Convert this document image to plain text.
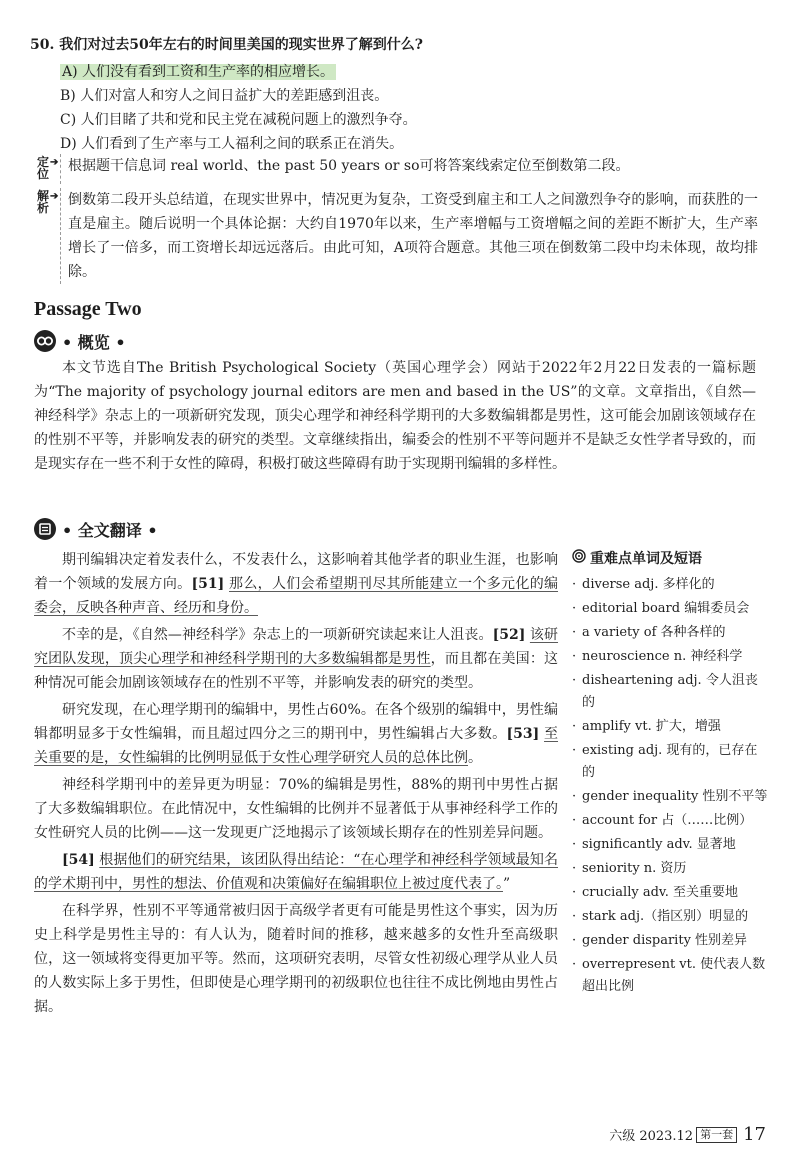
50. 我们对过去50年左右的时间里美国的现实世界了解到什么?
A) 人们没有看到工资和生产率的相应增长。
B) 人们对富人和穷人之间日益扩大的差距感到沮丧。
C) 人们目睹了共和党和民主党在减税问题上的激烈争夺。
D) 人们看到了生产率与工人福利之间的联系正在消失。
定位
➔ 根据题干信息词 real world、the past 50 years or so可将答案线索定位至倒数第二段。
解析
➔ 倒数第二段开头总结道，在现实世界中，情况更为复杂，工资受到雇主和工人之间激烈争夺的影响，而获胜的一直是雇主。随后说明一个具体论据：大约自1970年以来，生产率增幅与工资增幅之间的差距不断扩大，生产率增长了一倍多，而工资增长却远远落后。由此可知，A项符合题意。其他三项在倒数第二段中均未体现，故均排除。
Passage Two
• 概览 •
本文节选自The British Psychological Society（英国心理学会）网站于2022年2月22日发表的一篇标题为“The majority of psychology journal editors are men and based in the US”的文章。文章指出，《自然—神经科学》杂志上的一项新研究发现，顶尖心理学和神经科学期刊的大多数编辑都是男性，这可能会加剧该领域存在的性别不平等，并影响发表的研究的类型。文章继续指出，编委会的性别不平等问题并不是缺乏女性学者导致的，而是现实存在一些不利于女性的障碍，积极打破这些障碍有助于实现期刊编辑的多样性。
• 全文翻译 •

期刊编辑决定着发表什么，不发表什么，这影响着其他学者的职业生涯，也影响着一个领域的发展方向。[51] 那么，人们会希望期刊尽其所能建立一个多元化的编委会，反映各种声音、经历和身份。

不幸的是，《自然—神经科学》杂志上的一项新研究读起来让人沮丧。[52] 该研究团队发现，顶尖心理学和神经科学期刊的大多数编辑都是男性，而且都在美国：这种情况可能会加剧该领域存在的性别不平等，并影响发表的研究的类型。

研究发现，在心理学期刊的编辑中，男性占60%。在各个级别的编辑中，男性编辑都明显多于女性编辑，而且超过四分之三的期刊中，男性编辑占大多数。[53] 至关重要的是，女性编辑的比例明显低于女性心理学研究人员的总体比例。

神经科学期刊中的差异更为明显：70%的编辑是男性，88%的期刊中男性占据了大多数编辑职位。在此情况中，女性编辑的比例并不显著低于从事神经科学工作的女性研究人员的比例——这一发现更广泛地揭示了该领域长期存在的性别差异问题。

[54] 根据他们的研究结果，该团队得出结论：“在心理学和神经科学领域最知名的学术期刊中，男性的想法、价值观和决策偏好在编辑职位上被过度代表了。”

在科学界，性别不平等通常被归因于高级学者更有可能是男性这个事实，因为历史上科学是男性主导的：有人认为，随着时间的推移，越来越多的女性升至高级职位，这一领域将变得更加平等。然而，这项研究表明，尽管女性初级心理学从业人员的人数实际上多于男性，但即使是心理学期刊的初级职位也往往不成比例地由男性占据。

重难点单词及短语
· diverse adj. 多样化的
· editorial board 编辑委员会
· a variety of 各种各样的
· neuroscience n. 神经科学
· disheartening adj. 令人沮丧的
· amplify vt. 扩大，增强
· existing adj. 现有的，已存在的
· gender inequality 性别不平等
· account for 占（……比例）
· significantly adv. 显著地
· seniority n. 资历
· crucially adv. 至关重要地
· stark adj.（指区别）明显的
· gender disparity 性别差异
· overrepresent vt. 使代表人数超出比例
六级 2023.12 第一套 17
